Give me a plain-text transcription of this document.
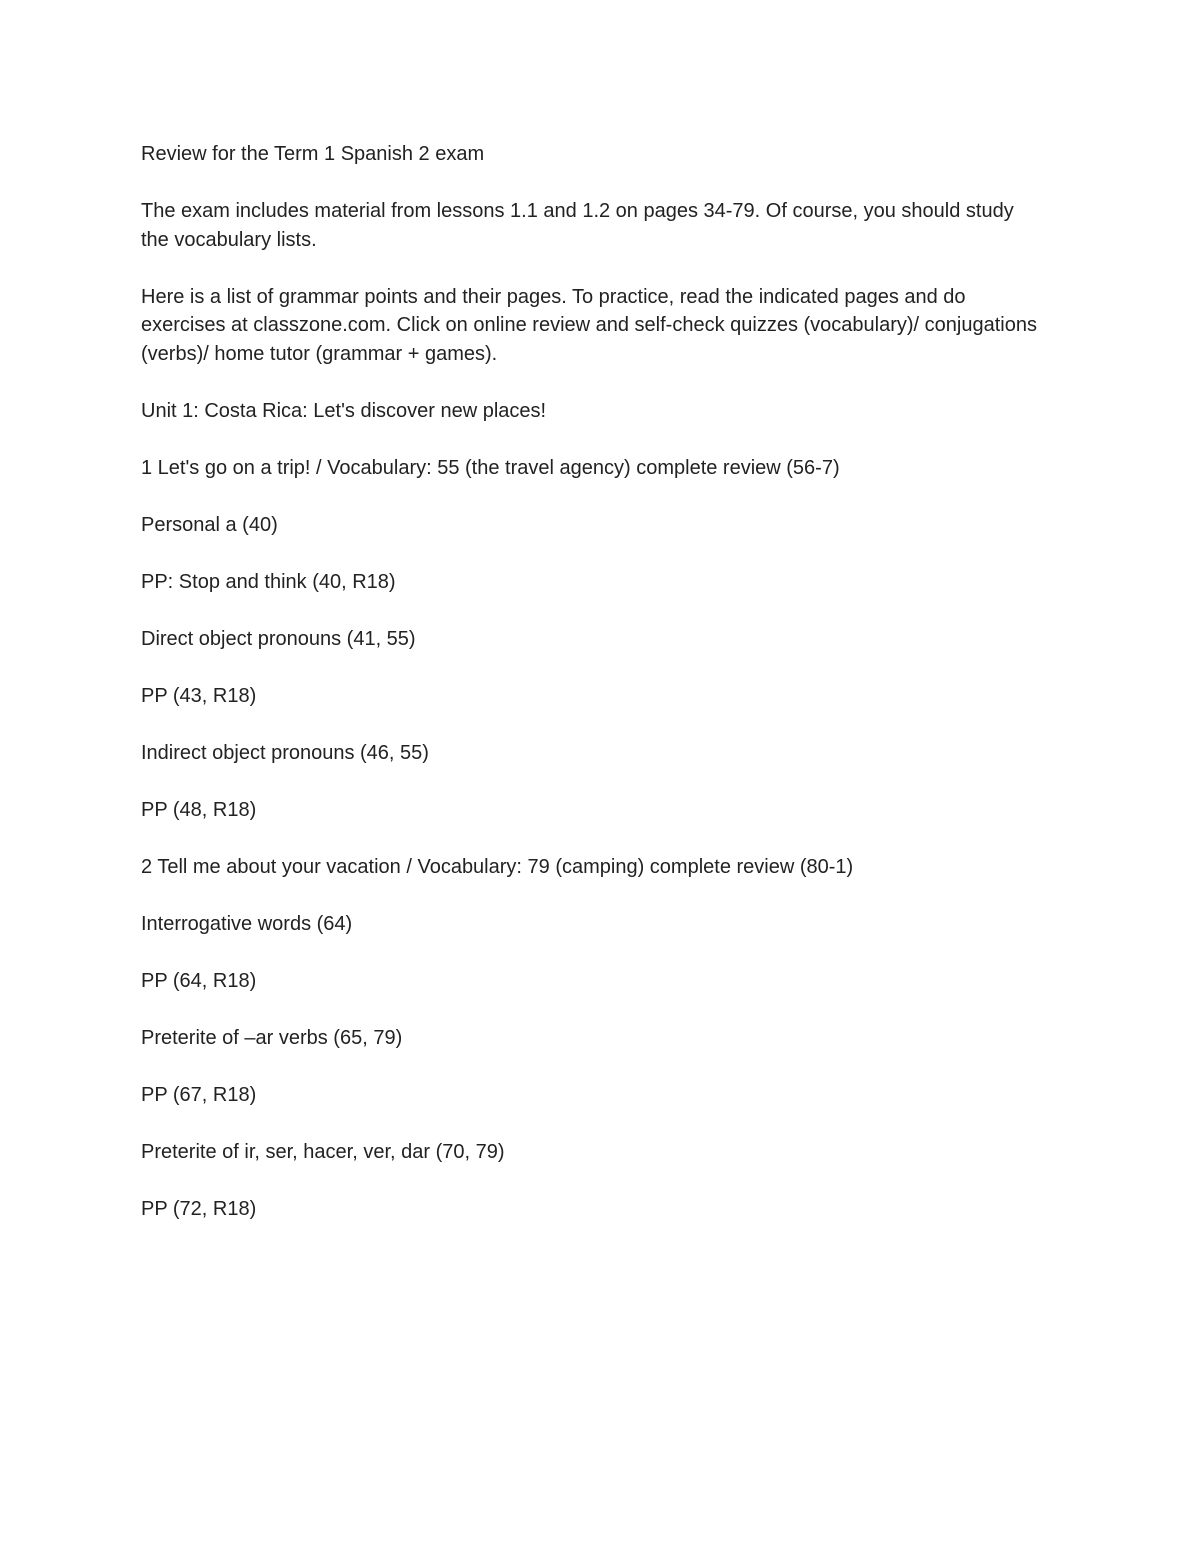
Review for the Term 1 Spanish 2 exam

The exam includes material from lessons 1.1 and 1.2 on pages 34-79. Of course, you should study the vocabulary lists.

Here is a list of grammar points and their pages. To practice, read the indicated pages and do exercises at classzone.com. Click on online review and self-check quizzes (vocabulary)/ conjugations (verbs)/ home tutor (grammar + games).

Unit 1: Costa Rica: Let's discover new places!

1 Let's go on a trip! / Vocabulary: 55 (the travel agency) complete review (56-7)

Personal a (40)

PP: Stop and think (40, R18)

Direct object pronouns (41, 55)

PP (43, R18)

Indirect object pronouns (46, 55)

PP (48, R18)

2 Tell me about your vacation / Vocabulary: 79 (camping) complete review (80-1)

Interrogative words (64)

PP (64, R18)

Preterite of –ar verbs (65, 79)

PP (67, R18)

Preterite of ir, ser, hacer, ver, dar (70, 79)

PP (72, R18)
